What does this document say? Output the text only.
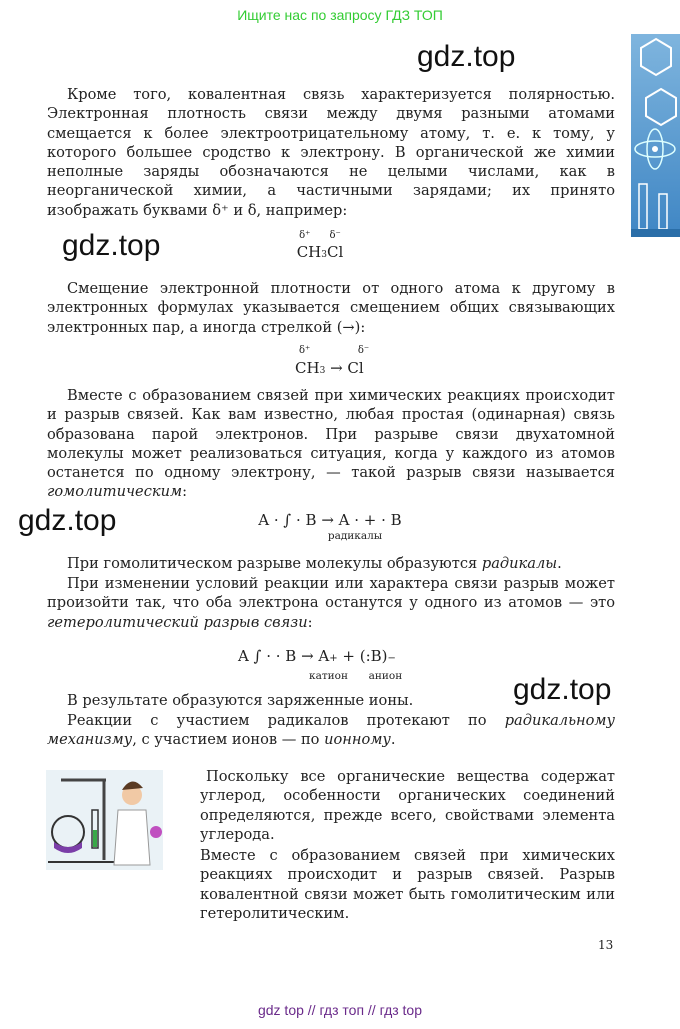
Ищите нас по запросу ГДЗ ТОП
gdz.top
gdz.top
gdz.top
gdz.top

Кроме того, ковалентная связь характеризуется полярностью. Электронная плотность связи между двумя разными атомами смещается к более электроотрицательному атому, т. е. к тому, у которого большее сродство к электрону. В органической же химии неполные заряды обозначаются не целыми числами, как в неорганической химии, а частичными зарядами; их принято изображать буквами δ⁺ и δ, например:

δ⁺ δ⁻
CH3Cl

Смещение электронной плотности от одного атома к другому в электронных формулах указывается смещением общих связывающих электронных пар, а иногда стрелкой (→):

δ⁺	δ⁻
CH3 → Cl

Вместе с образованием связей при химических реакциях происходит и разрыв связей. Как вам известно, любая простая (одинарная) связь образована парой электронов. При разрыве связи двухатомной молекулы может реализоваться ситуация, когда у каждого из атомов останется по одному электрону, — такой разрыв связи называется гомолитическим:

A · ∫ · B → A · + · B
радикалы

При гомолитическом разрыве молекулы образуются радикалы.

При изменении условий реакции или характера связи разрыв может произойти так, что оба электрона останутся у одного из атомов — это гетеролитический разрыв связи:

A ∫ · · B → A+ + (:B)−
катион анион

В результате образуются заряженные ионы.

Реакции с участием радикалов протекают по радикальному механизму, с участием ионов — по ионному.

Поскольку все органические вещества содержат углерод, особенности органических соединений определяются, прежде всего, свойствами элемента углерода.

Вместе с образованием связей при химических реакциях происходит и разрыв связей. Разрыв ковалентной связи может быть гомолитическим или гетеролитическим.

13
gdz top // гдз топ // гдз top
